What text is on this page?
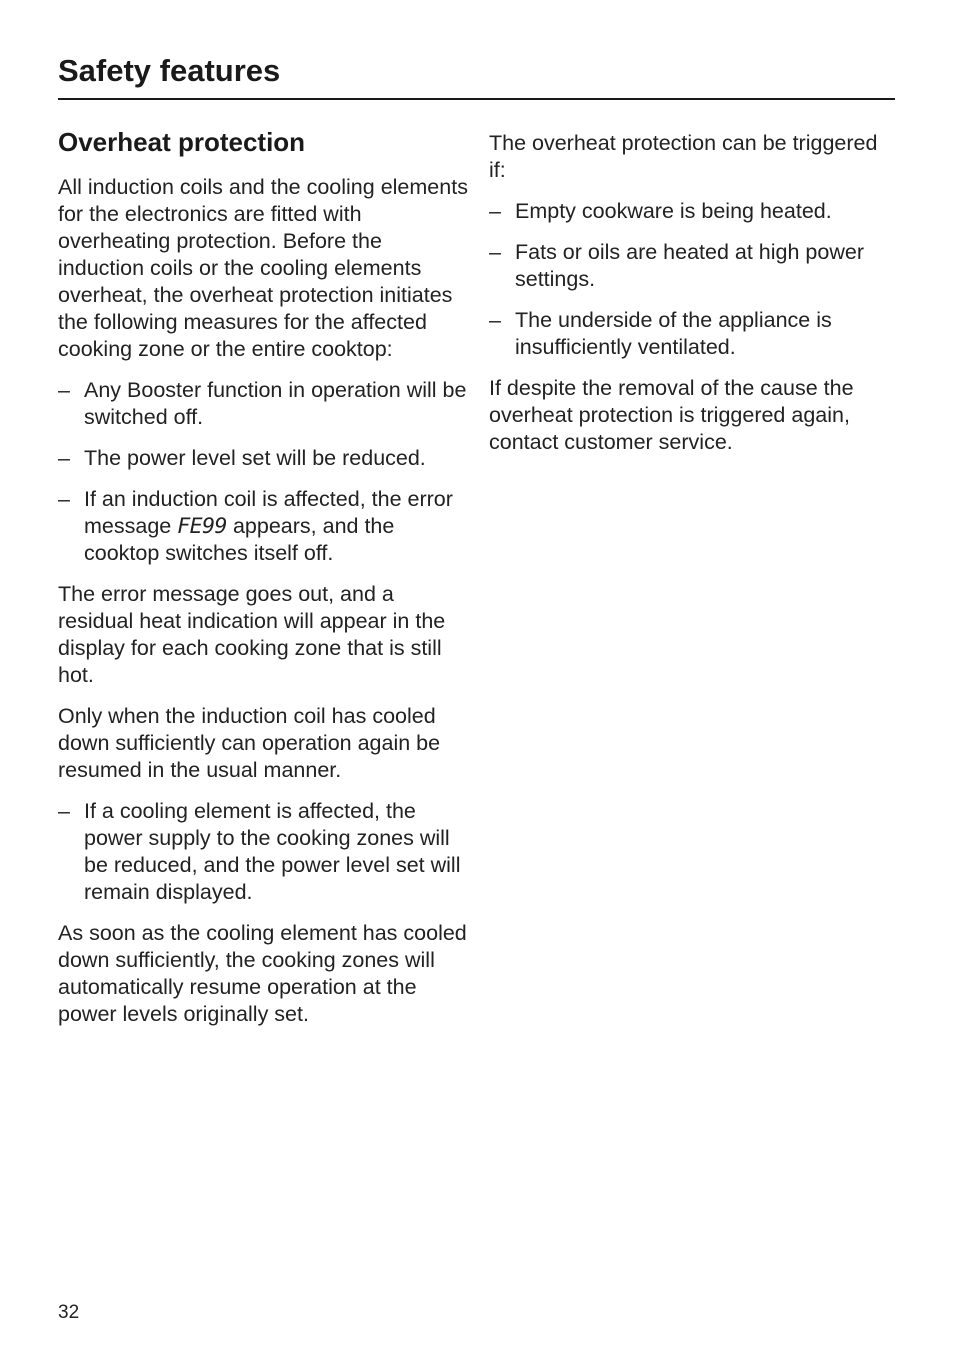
Safety features
Overheat protection

All induction coils and the cooling elements for the electronics are fitted with overheating protection. Before the induction coils or the cooling elements overheat, the overheat protection initiates the following measures for the affected cooking zone or the entire cooktop:

– Any Booster function in operation will be switched off.
– The power level set will be reduced.
– If an induction coil is affected, the error message FE99 appears, and the cooktop switches itself off.

The error message goes out, and a residual heat indication will appear in the display for each cooking zone that is still hot.

Only when the induction coil has cooled down sufficiently can operation again be resumed in the usual manner.

– If a cooling element is affected, the power supply to the cooking zones will be reduced, and the power level set will remain displayed.

As soon as the cooling element has cooled down sufficiently, the cooking zones will automatically resume operation at the power levels originally set.

The overheat protection can be triggered if:

– Empty cookware is being heated.
– Fats or oils are heated at high power settings.
– The underside of the appliance is insufficiently ventilated.

If despite the removal of the cause the overheat protection is triggered again, contact customer service.

32
